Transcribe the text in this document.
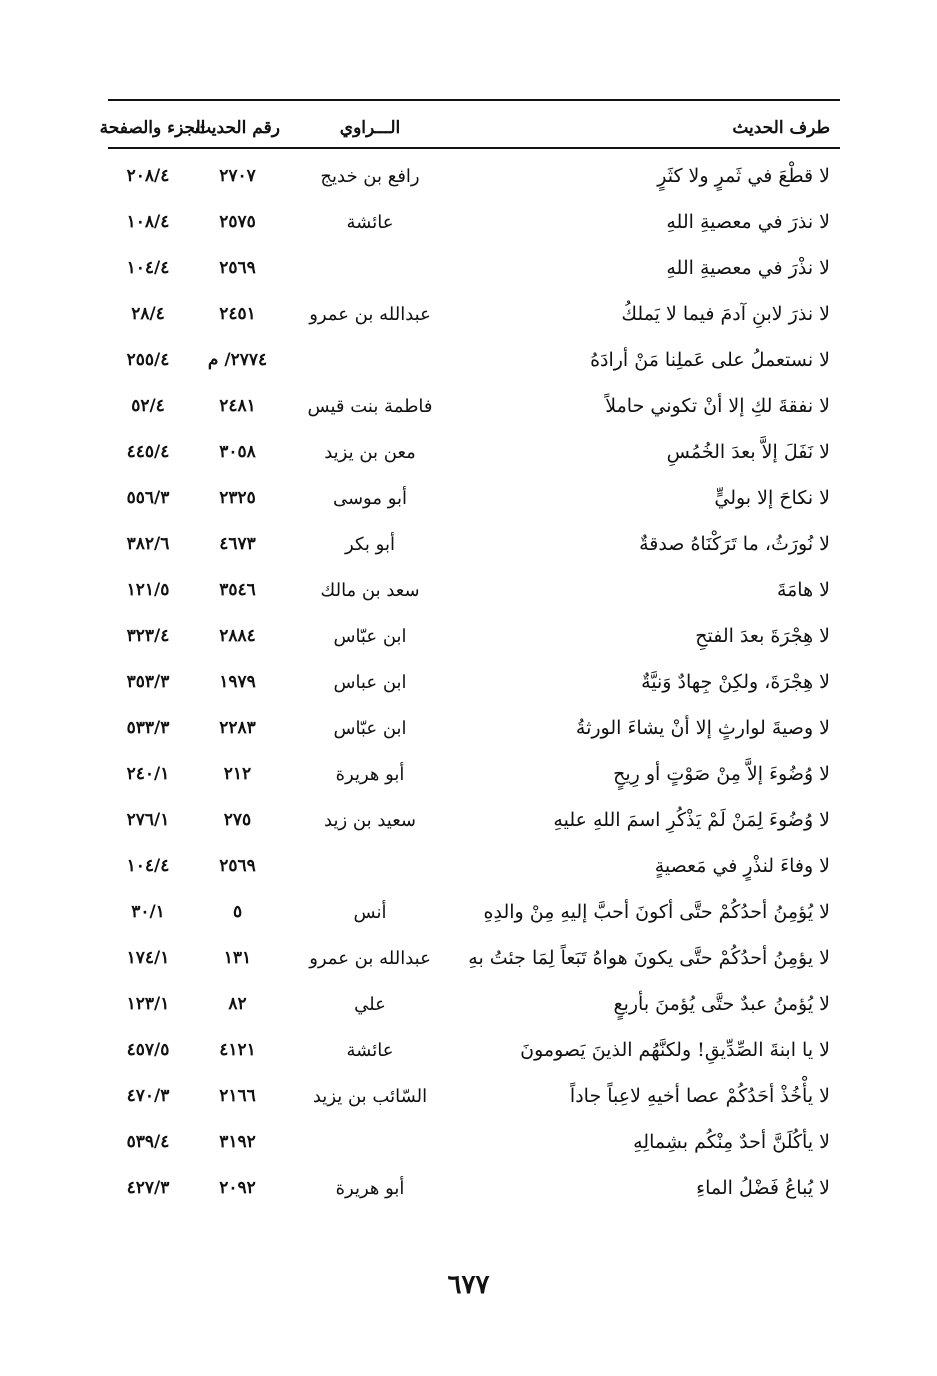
طرف الحديث
الـــراوي
رقم الحديث
الجزء والصفحة
لا قطْعَ في ثَمرٍ ولا كثَرٍ
رافع بن خديج
٢٧٠٧
٢٠٨/٤
لا نذرَ في معصيةِ اللهِ
عائشة
٢٥٧٥
١٠٨/٤
لا نذْرَ في معصيةِ اللهِ
٢٥٦٩
١٠٤/٤
لا نذرَ لابنِ آدمَ فيما لا يَملكُ
عبدالله بن عمرو
٢٤٥١
٢٨/٤
لا نستعملُ على عَملِنا مَنْ أرادَهُ
٢٧٧٤/ م
٢٥٥/٤
لا نفقةَ لكِ إلا أنْ تكوني حاملاً
فاطمة بنت قيس
٢٤٨١
٥٢/٤
لا نَفَلَ إلاَّ بعدَ الخُمُسِ
معن بن يزيد
٣٠٥٨
٤٤٥/٤
لا نكاحَ إلا بوليٍّ
أبو موسى
٢٣٢٥
٥٥٦/٣
لا نُورَثُ، ما تَرَكْنَاهُ صدقةٌ
أبو بكر
٤٦٧٣
٣٨٢/٦
لا هامَةَ
سعد بن مالك
٣٥٤٦
١٢١/٥
لا هِجْرَةَ بعدَ الفتحِ
ابن عبّاس
٢٨٨٤
٣٢٣/٤
لا هِجْرَةَ، ولكِنْ جِهادٌ وَنيَّةٌ
ابن عباس
١٩٧٩
٣٥٣/٣
لا وصيةَ لوارثٍ إلا أنْ يشاءَ الورثةُ
ابن عبّاس
٢٢٨٣
٥٣٣/٣
لا وُضُوءَ إلاَّ مِنْ صَوْتٍ أو رِيحٍ
أبو هريرة
٢١٢
٢٤٠/١
لا وُضُوءَ لِمَنْ لَمْ يَذْكُرِ اسمَ اللهِ عليهِ
سعيد بن زيد
٢٧٥
٢٧٦/١
لا وفاءَ لنذْرٍ في مَعصيةٍ
٢٥٦٩
١٠٤/٤
لا يُؤمِنُ أحدُكُمْ حتَّى أكونَ أحبَّ إليهِ مِنْ والدِهِ
أنس
٥
٣٠/١
لا يؤمِنُ أحدُكُمْ حتَّى يكونَ هواهُ تَبَعاً لِمَا جئتُ بهِ
عبدالله بن عمرو
١٣١
١٧٤/١
لا يُؤمنُ عبدٌ حتَّى يُؤمنَ بأربعٍ
علي
٨٢
١٢٣/١
لا يا ابنةَ الصِّدِّيقِ! ولكنَّهُم الذينَ يَصومونَ
عائشة
٤١٢١
٤٥٧/٥
لا يأْخُذْ أحَدُكُمْ عصا أخيهِ لاعِباً جاداً
السّائب بن يزيد
٢١٦٦
٤٧٠/٣
لا يأكُلَنَّ أحدٌ مِنْكُم بشِمالِهِ
٣١٩٢
٥٣٩/٤
لا يُباعُ فَضْلُ الماءِ
أبو هريرة
٢٠٩٢
٤٢٧/٣
٦٧٧
